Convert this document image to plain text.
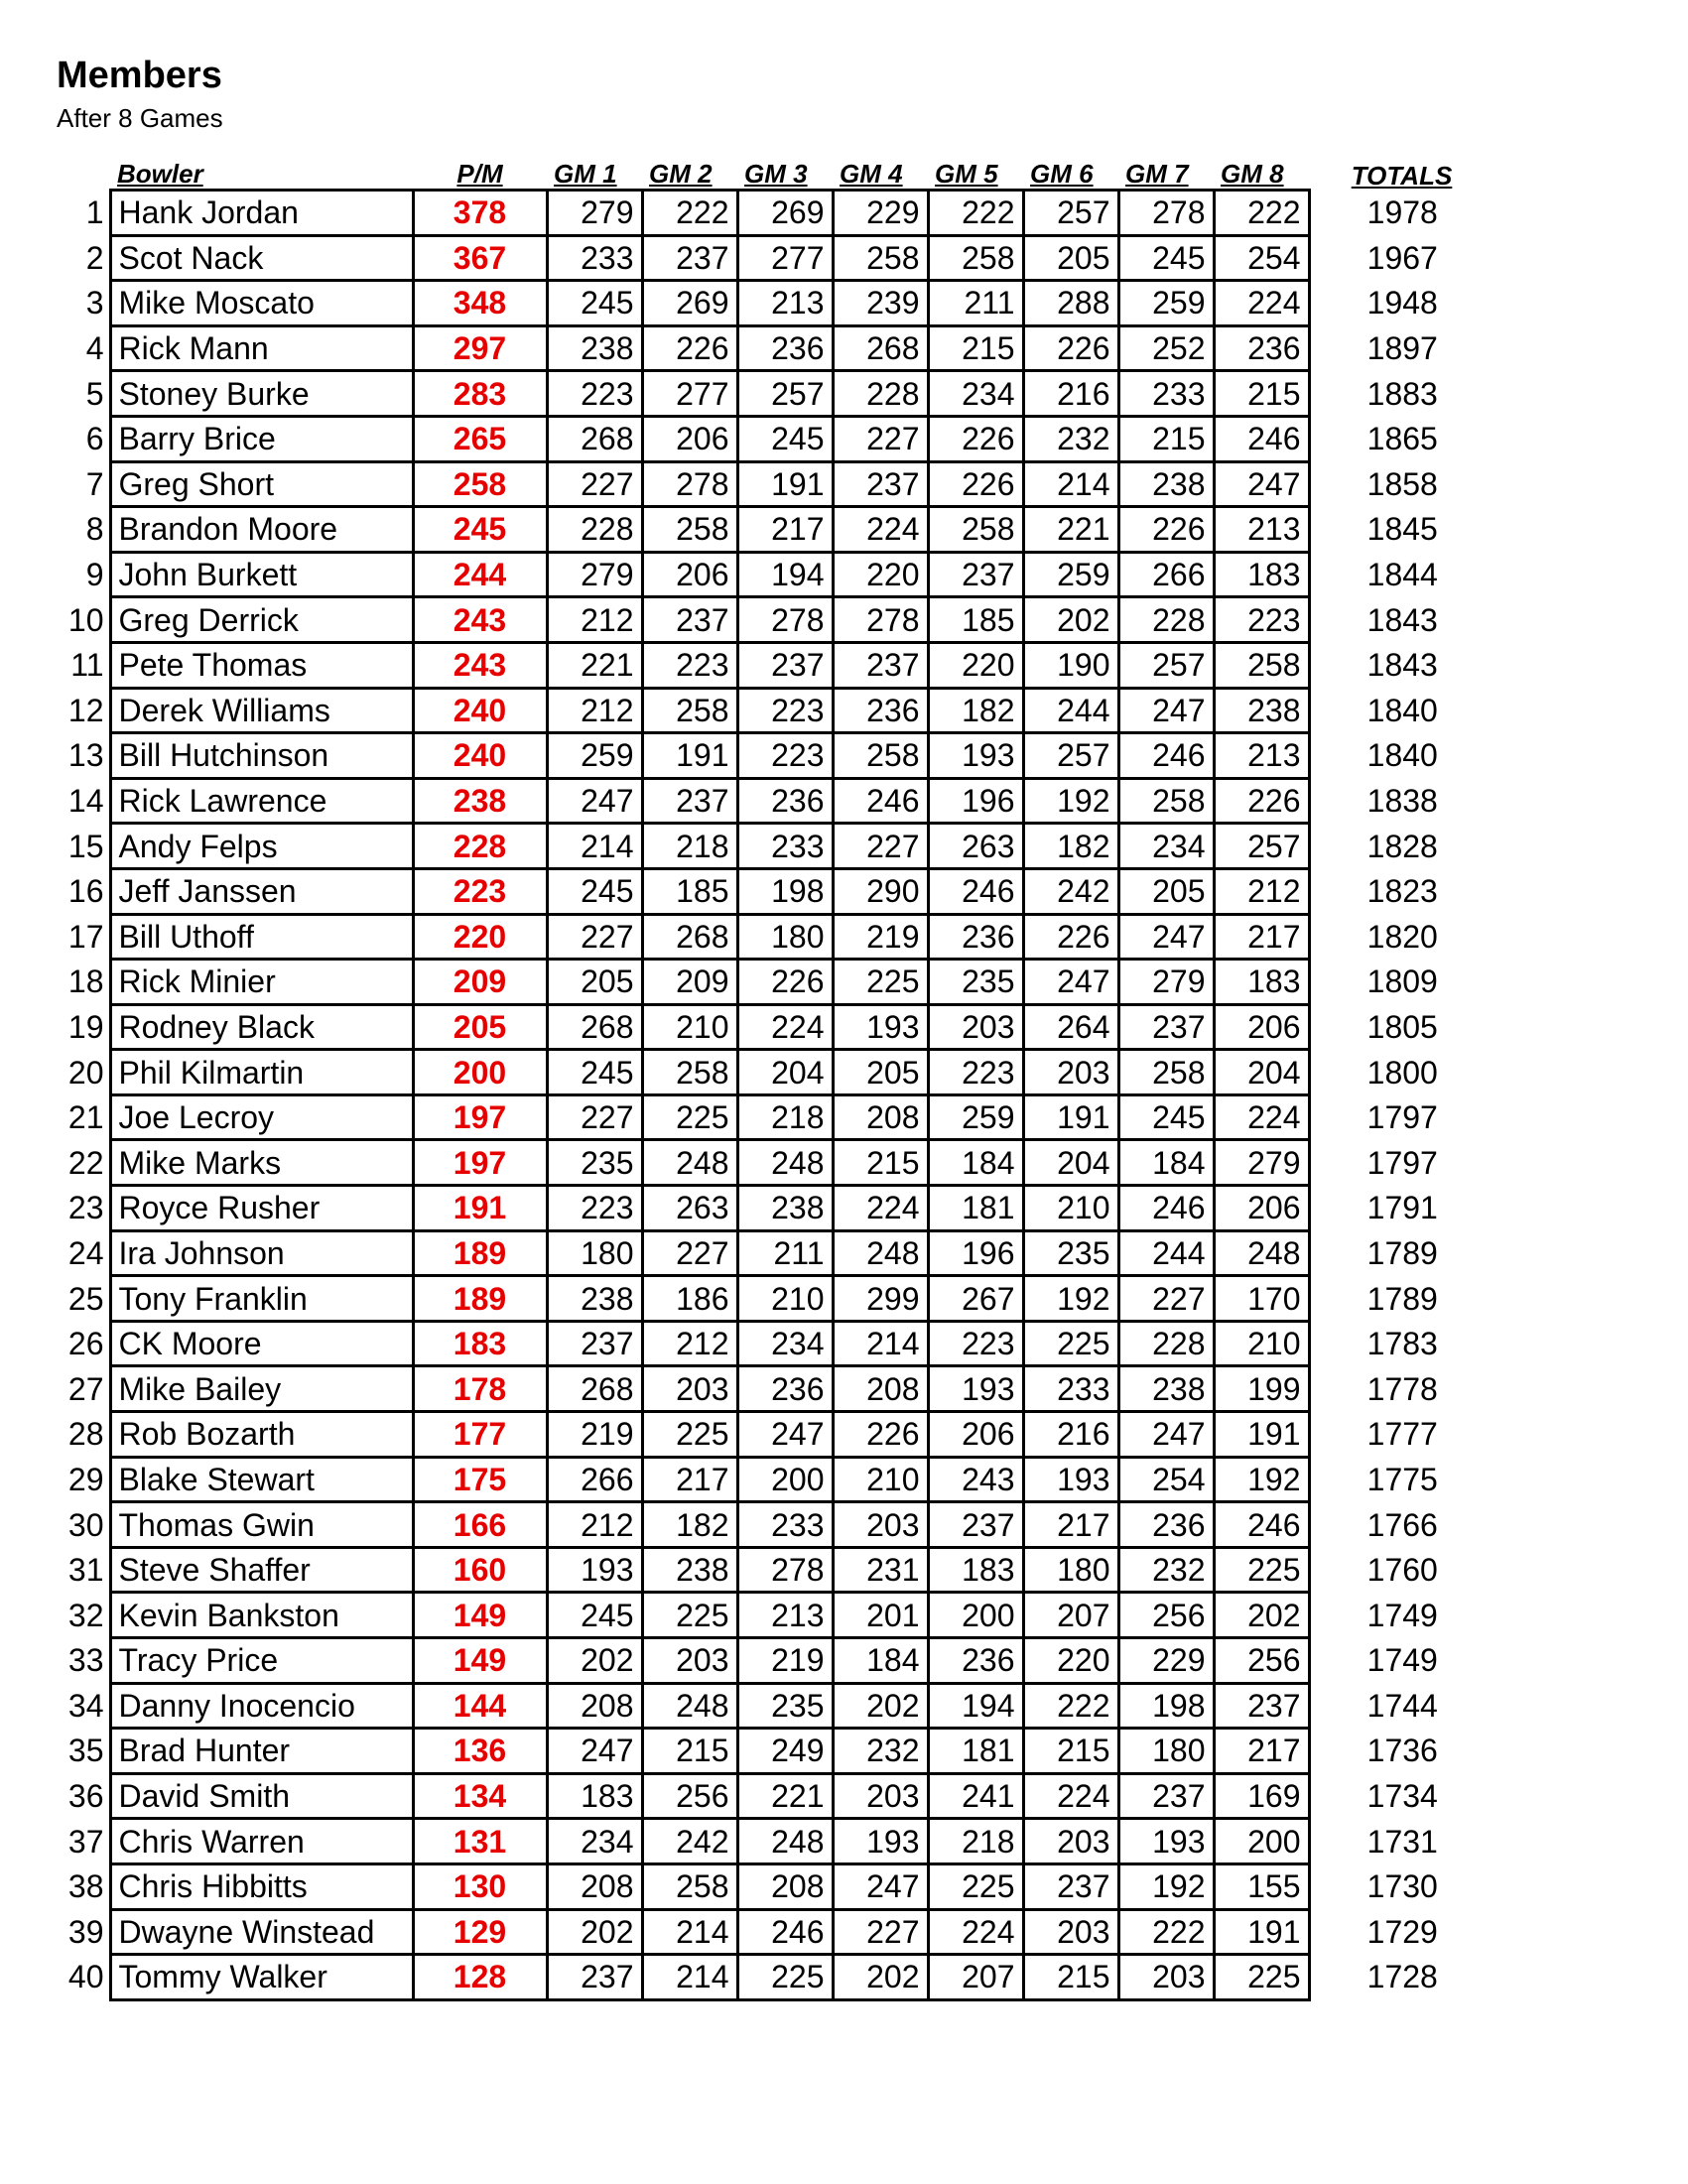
Members
After 8 Games
	Bowler	P/M	GM 1	GM 2	GM 3	GM 4	GM 5	GM 6	GM 7	GM 8	TOTALS
1	Hank Jordan	378	279	222	269	229	222	257	278	222	1978
2	Scot Nack	367	233	237	277	258	258	205	245	254	1967
3	Mike Moscato	348	245	269	213	239	211	288	259	224	1948
4	Rick Mann	297	238	226	236	268	215	226	252	236	1897
5	Stoney Burke	283	223	277	257	228	234	216	233	215	1883
6	Barry Brice	265	268	206	245	227	226	232	215	246	1865
7	Greg Short	258	227	278	191	237	226	214	238	247	1858
8	Brandon Moore	245	228	258	217	224	258	221	226	213	1845
9	John Burkett	244	279	206	194	220	237	259	266	183	1844
10	Greg Derrick	243	212	237	278	278	185	202	228	223	1843
11	Pete Thomas	243	221	223	237	237	220	190	257	258	1843
12	Derek Williams	240	212	258	223	236	182	244	247	238	1840
13	Bill Hutchinson	240	259	191	223	258	193	257	246	213	1840
14	Rick Lawrence	238	247	237	236	246	196	192	258	226	1838
15	Andy Felps	228	214	218	233	227	263	182	234	257	1828
16	Jeff Janssen	223	245	185	198	290	246	242	205	212	1823
17	Bill Uthoff	220	227	268	180	219	236	226	247	217	1820
18	Rick Minier	209	205	209	226	225	235	247	279	183	1809
19	Rodney Black	205	268	210	224	193	203	264	237	206	1805
20	Phil Kilmartin	200	245	258	204	205	223	203	258	204	1800
21	Joe Lecroy	197	227	225	218	208	259	191	245	224	1797
22	Mike Marks	197	235	248	248	215	184	204	184	279	1797
23	Royce Rusher	191	223	263	238	224	181	210	246	206	1791
24	Ira Johnson	189	180	227	211	248	196	235	244	248	1789
25	Tony Franklin	189	238	186	210	299	267	192	227	170	1789
26	CK Moore	183	237	212	234	214	223	225	228	210	1783
27	Mike Bailey	178	268	203	236	208	193	233	238	199	1778
28	Rob Bozarth	177	219	225	247	226	206	216	247	191	1777
29	Blake Stewart	175	266	217	200	210	243	193	254	192	1775
30	Thomas Gwin	166	212	182	233	203	237	217	236	246	1766
31	Steve Shaffer	160	193	238	278	231	183	180	232	225	1760
32	Kevin Bankston	149	245	225	213	201	200	207	256	202	1749
33	Tracy Price	149	202	203	219	184	236	220	229	256	1749
34	Danny Inocencio	144	208	248	235	202	194	222	198	237	1744
35	Brad Hunter	136	247	215	249	232	181	215	180	217	1736
36	David Smith	134	183	256	221	203	241	224	237	169	1734
37	Chris Warren	131	234	242	248	193	218	203	193	200	1731
38	Chris Hibbitts	130	208	258	208	247	225	237	192	155	1730
39	Dwayne Winstead	129	202	214	246	227	224	203	222	191	1729
40	Tommy Walker	128	237	214	225	202	207	215	203	225	1728
